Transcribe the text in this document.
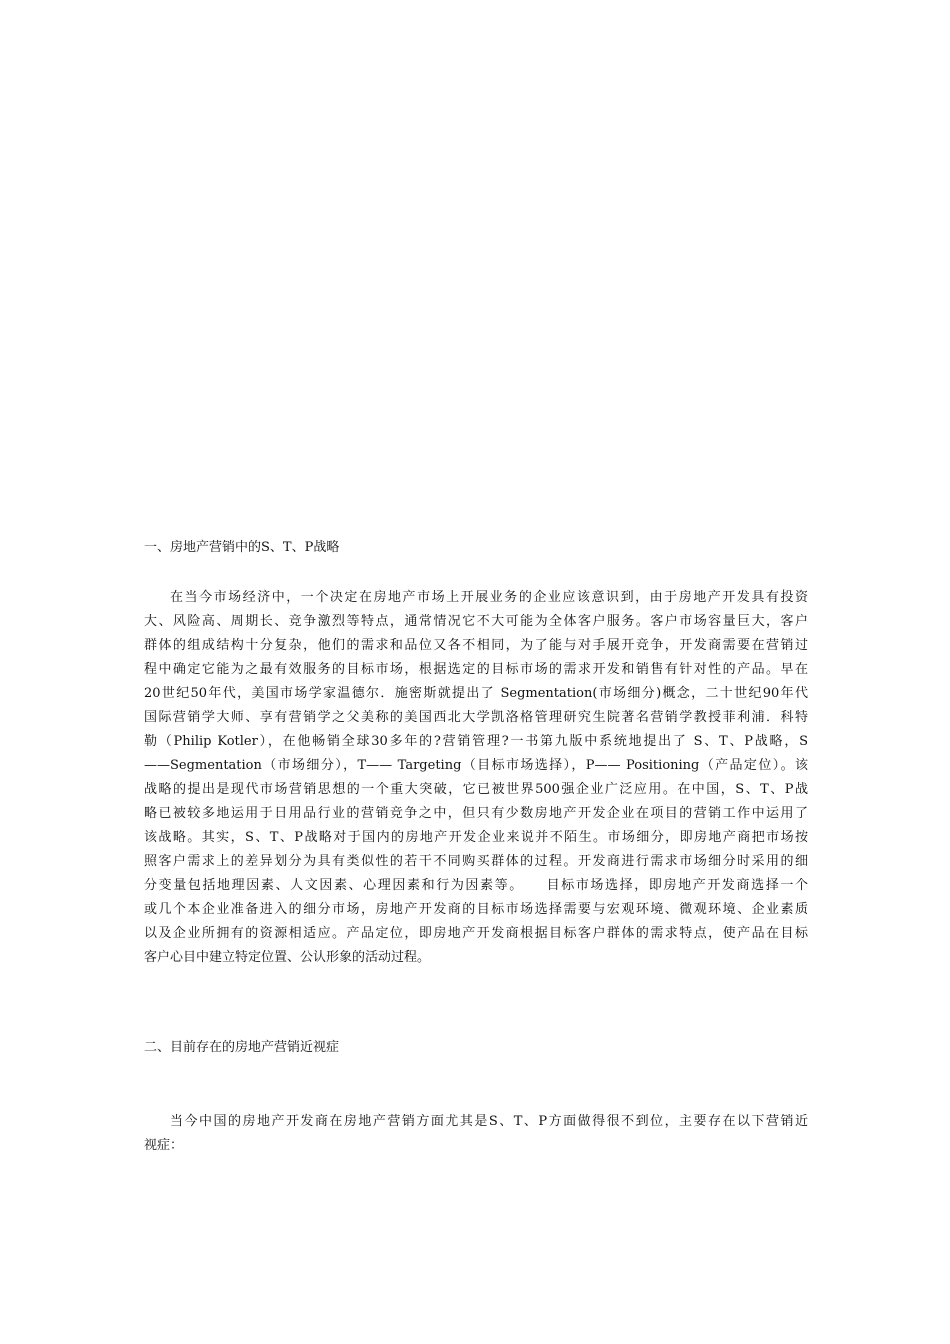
一、房地产营销中的S、T、P战略
在当今市场经济中，一个决定在房地产市场上开展业务的企业应该意识到，由于房地产开发具有投资
大、风险高、周期长、竞争激烈等特点，通常情况它不大可能为全体客户服务。客户市场容量巨大，客户
群体的组成结构十分复杂，他们的需求和品位又各不相同，为了能与对手展开竞争，开发商需要在营销过
程中确定它能为之最有效服务的目标市场，根据选定的目标市场的需求开发和销售有针对性的产品。早在
20世纪50年代，美国市场学家温德尔．施密斯就提出了 Segmentation(市场细分)概念，二十世纪90年代
国际营销学大师、享有营销学之父美称的美国西北大学凯洛格管理研究生院著名营销学教授菲利浦．科特
勒（Philip Kotler），在他畅销全球30多年的?营销管理?一书第九版中系统地提出了 S、T、P战略，S
——Segmentation（市场细分），T—— Targeting（目标市场选择），P—— Positioning（产品定位）。该
战略的提出是现代市场营销思想的一个重大突破，它已被世界500强企业广泛应用。在中国，S、T、P战
略已被较多地运用于日用品行业的营销竞争之中，但只有少数房地产开发企业在项目的营销工作中运用了
该战略。其实，S、T、P战略对于国内的房地产开发企业来说并不陌生。市场细分，即房地产商把市场按
照客户需求上的差异划分为具有类似性的若干不同购买群体的过程。开发商进行需求市场细分时采用的细
分变量包括地理因素、人文因素、心理因素和行为因素等。　　目标市场选择，即房地产开发商选择一个
或几个本企业准备进入的细分市场，房地产开发商的目标市场选择需要与宏观环境、微观环境、企业素质
以及企业所拥有的资源相适应。产品定位，即房地产开发商根据目标客户群体的需求特点，使产品在目标
客户心目中建立特定位置、公认形象的活动过程。
二、目前存在的房地产营销近视症
当今中国的房地产开发商在房地产营销方面尤其是S、T、P方面做得很不到位，主要存在以下营销近
视症：
